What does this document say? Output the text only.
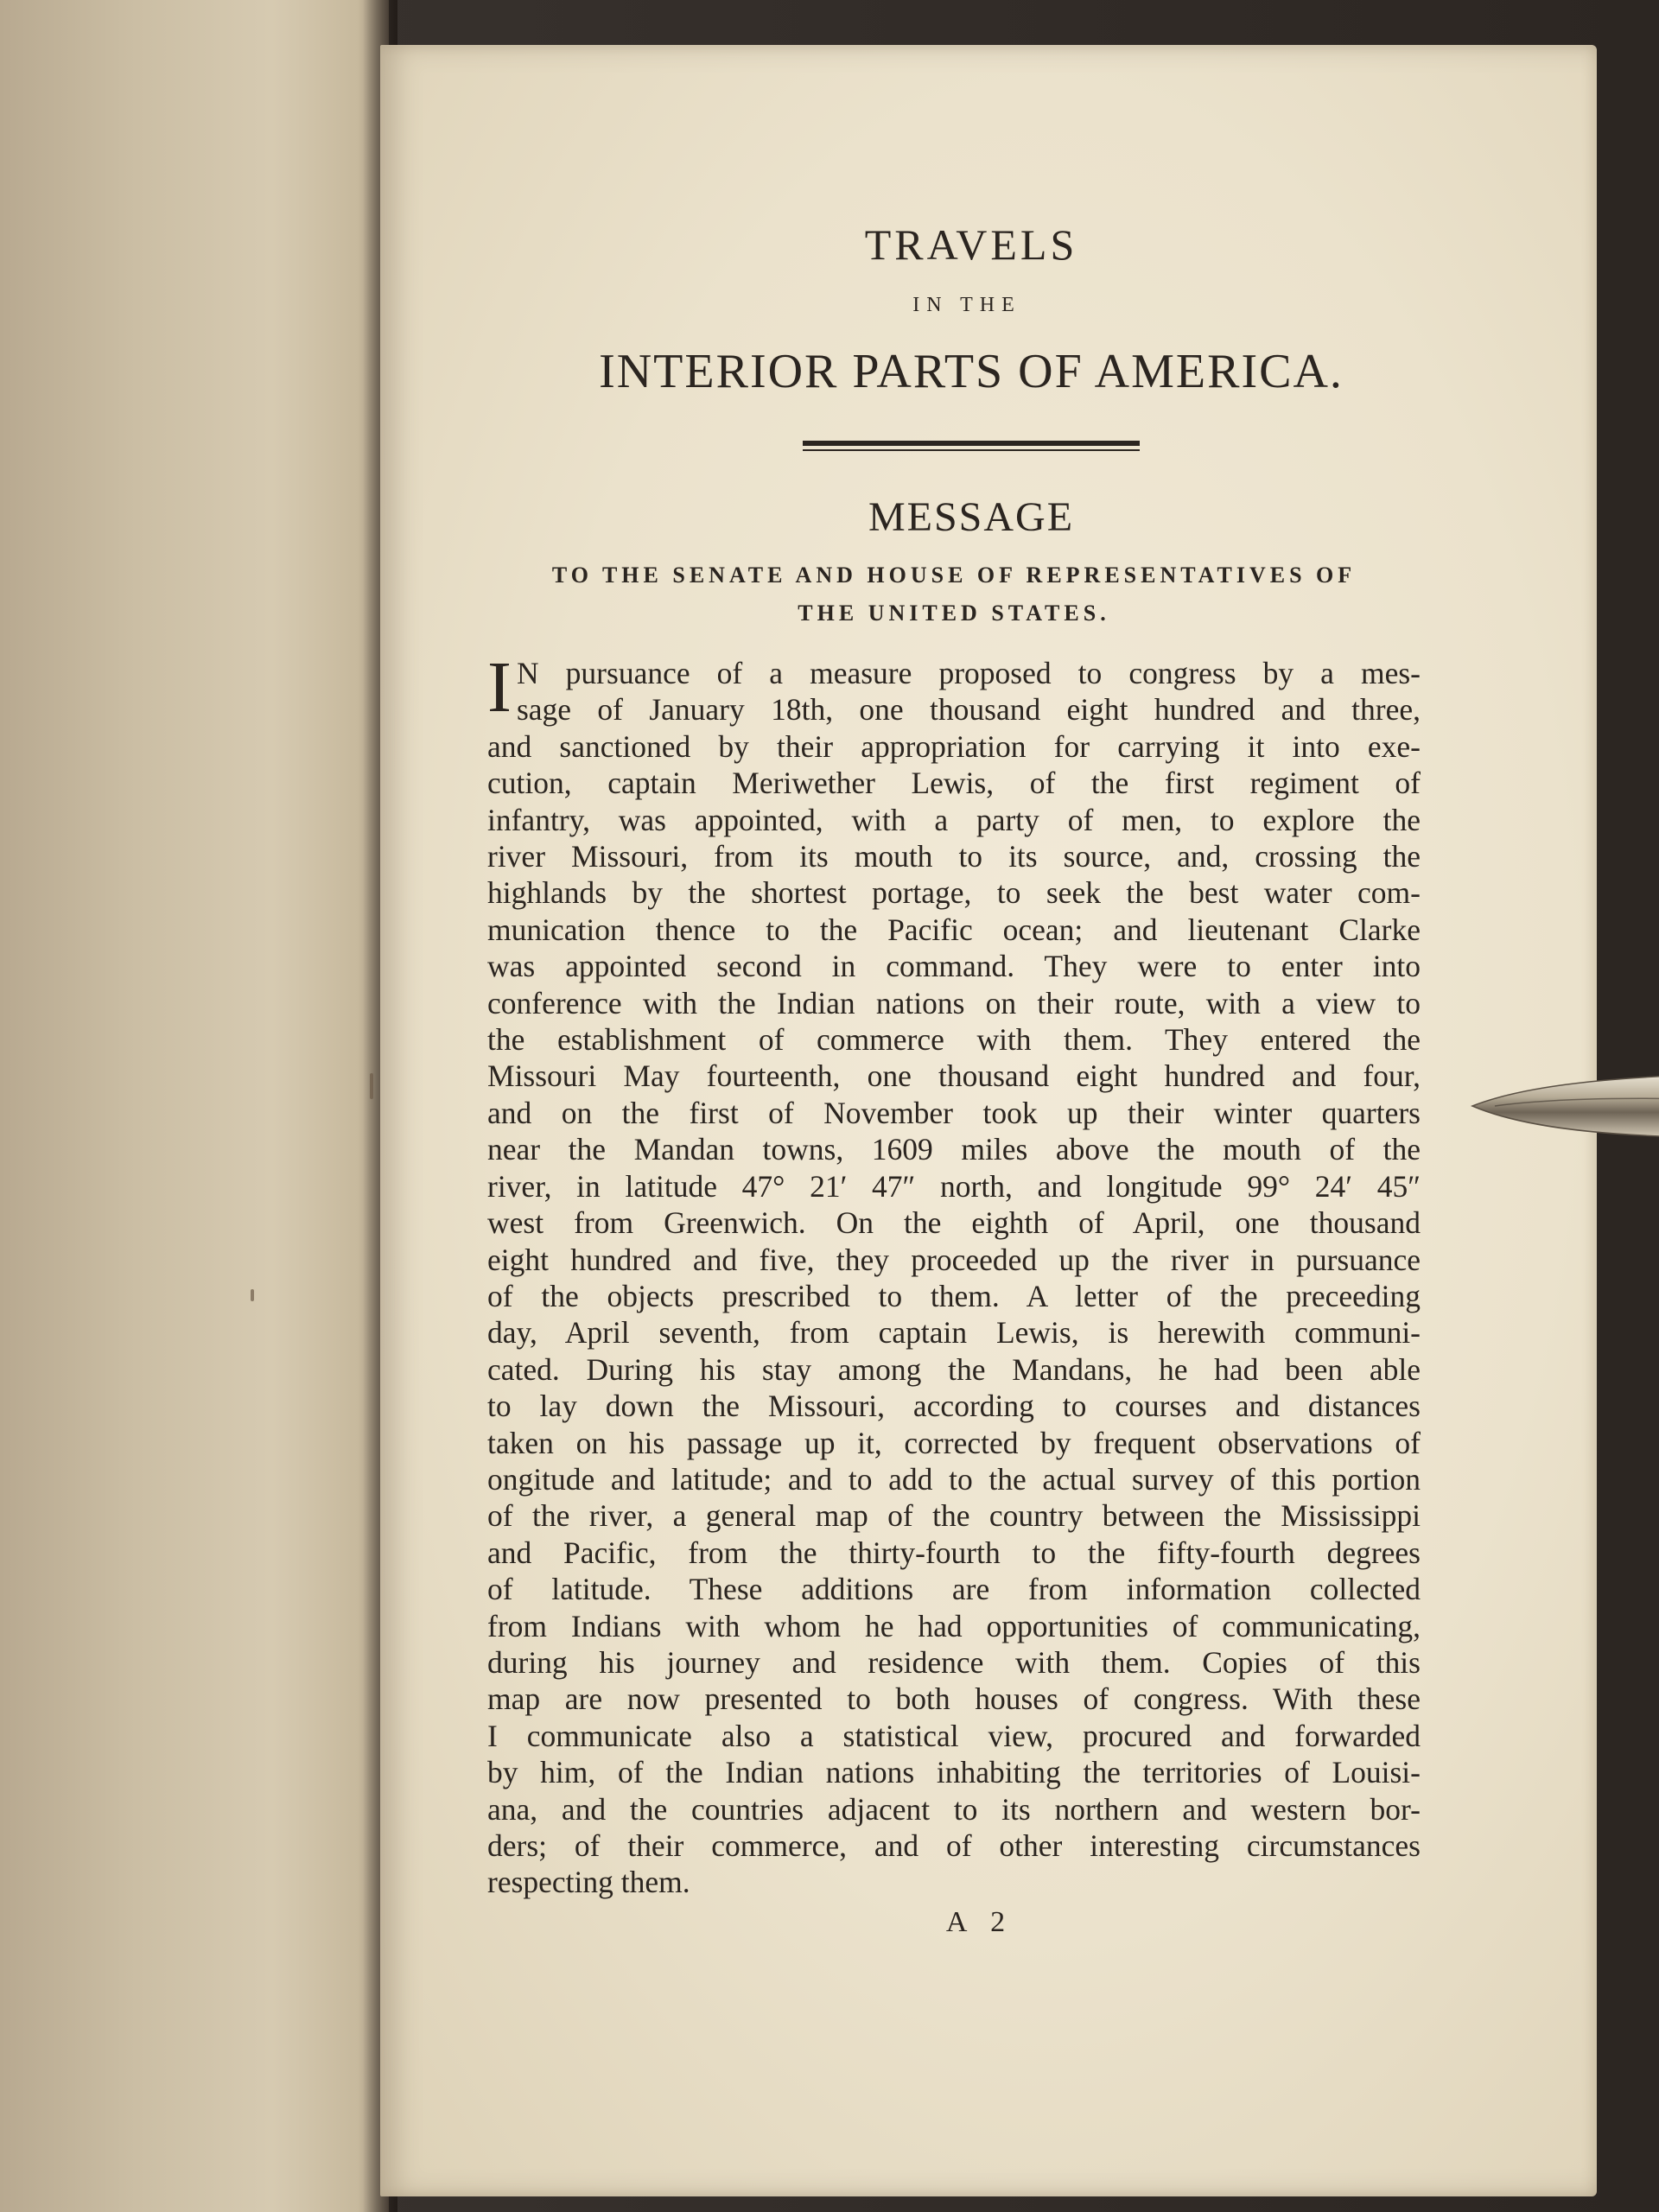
TRAVELS
IN THE
INTERIOR PARTS OF AMERICA.
MESSAGE
TO THE SENATE AND HOUSE OF REPRESENTATIVES OF
THE UNITED STATES.
I N pursuance of a measure proposed to congress by a mes-
sage of January 18th, one thousand eight hundred and three,
and sanctioned by their appropriation for carrying it into exe-
cution, captain Meriwether Lewis, of the first regiment of
infantry, was appointed, with a party of men, to explore the
river Missouri, from its mouth to its source, and, crossing the
highlands by the shortest portage, to seek the best water com-
munication thence to the Pacific ocean; and lieutenant Clarke
was appointed second in command. They were to enter into
conference with the Indian nations on their route, with a view to
the establishment of commerce with them. They entered the
Missouri May fourteenth, one thousand eight hundred and four,
and on the first of November took up their winter quarters
near the Mandan towns, 1609 miles above the mouth of the
river, in latitude 47° 21′ 47″ north, and longitude 99° 24′ 45″
west from Greenwich. On the eighth of April, one thousand
eight hundred and five, they proceeded up the river in pursuance
of the objects prescribed to them. A letter of the preceeding
day, April seventh, from captain Lewis, is herewith communi-
cated. During his stay among the Mandans, he had been able
to lay down the Missouri, according to courses and distances
taken on his passage up it, corrected by frequent observations of
ongitude and latitude; and to add to the actual survey of this portion
of the river, a general map of the country between the Mississippi
and Pacific, from the thirty-fourth to the fifty-fourth degrees
of latitude. These additions are from information collected
from Indians with whom he had opportunities of communicating,
during his journey and residence with them. Copies of this
map are now presented to both houses of congress. With these
I communicate also a statistical view, procured and forwarded
by him, of the Indian nations inhabiting the territories of Louisi-
ana, and the countries adjacent to its northern and western bor-
ders; of their commerce, and of other interesting circumstances
respecting them.
A 2
